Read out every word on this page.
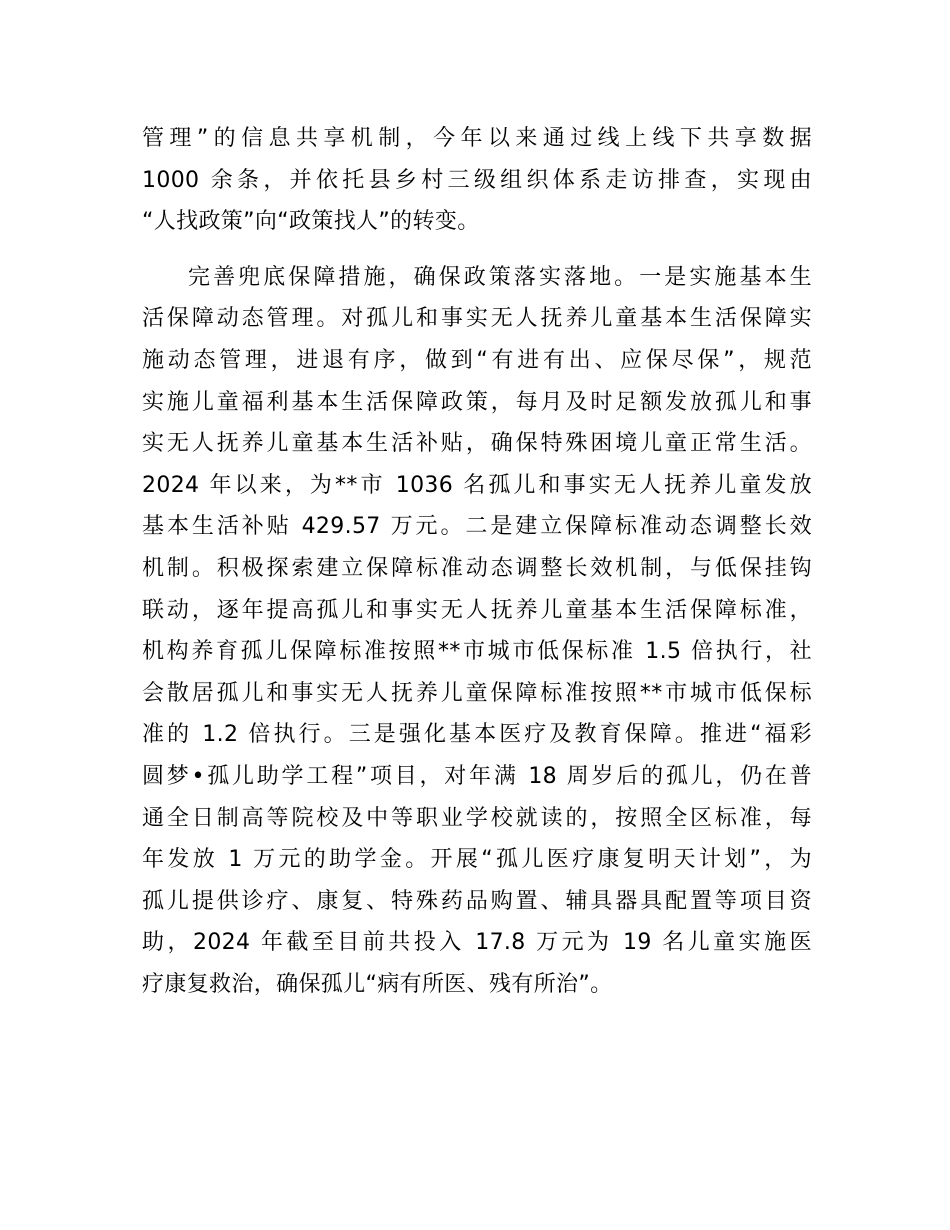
管理”的信息共享机制，今年以来通过线上线下共享数据
1000 余条，并依托县乡村三级组织体系走访排查，实现由
“人找政策”向“政策找人”的转变。
完善兜底保障措施，确保政策落实落地。一是实施基本生
活保障动态管理。对孤儿和事实无人抚养儿童基本生活保障实
施动态管理，进退有序，做到“有进有出、应保尽保”，规范
实施儿童福利基本生活保障政策，每月及时足额发放孤儿和事
实无人抚养儿童基本生活补贴，确保特殊困境儿童正常生活。
2024 年以来，为**市 1036 名孤儿和事实无人抚养儿童发放
基本生活补贴 429.57 万元。二是建立保障标准动态调整长效
机制。积极探索建立保障标准动态调整长效机制，与低保挂钩
联动，逐年提高孤儿和事实无人抚养儿童基本生活保障标准，
机构养育孤儿保障标准按照**市城市低保标准 1.5 倍执行，社
会散居孤儿和事实无人抚养儿童保障标准按照**市城市低保标
准的 1.2 倍执行。三是强化基本医疗及教育保障。推进“福彩
圆梦•孤儿助学工程”项目，对年满 18 周岁后的孤儿，仍在普
通全日制高等院校及中等职业学校就读的，按照全区标准，每
年发放 1 万元的助学金。开展“孤儿医疗康复明天计划”，为
孤儿提供诊疗、康复、特殊药品购置、辅具器具配置等项目资
助，2024 年截至目前共投入 17.8 万元为 19 名儿童实施医
疗康复救治，确保孤儿“病有所医、残有所治”。
